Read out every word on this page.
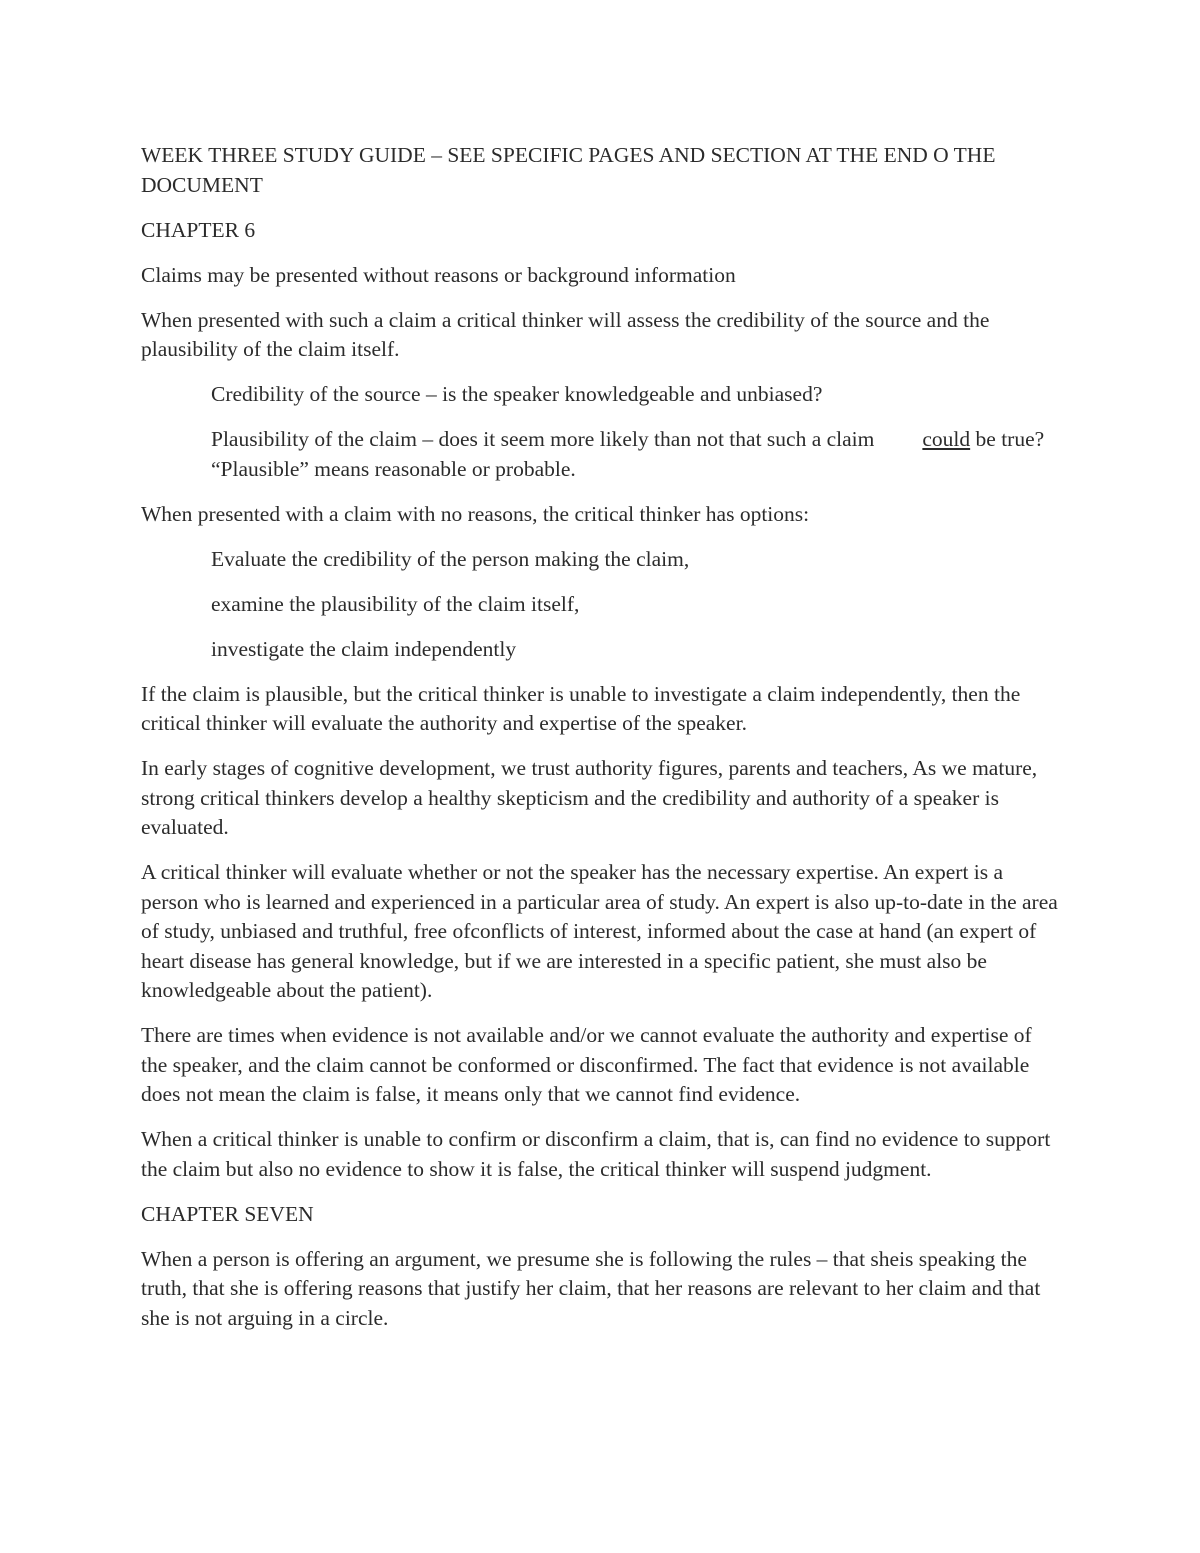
WEEK THREE STUDY GUIDE – SEE SPECIFIC PAGES AND SECTION AT THE END O THE DOCUMENT

CHAPTER 6

Claims may be presented without reasons or background information

When presented with such a claim a critical thinker will assess the credibility of the source and the plausibility of the claim itself.

Credibility of the source – is the speaker knowledgeable and unbiased?

Plausibility of the claim – does it seem more likely than not that such a claim could be true? “Plausible” means reasonable or probable.

When presented with a claim with no reasons, the critical thinker has options:

Evaluate the credibility of the person making the claim,

examine the plausibility of the claim itself,

investigate the claim independently

If the claim is plausible, but the critical thinker is unable to investigate a claim independently, then the critical thinker will evaluate the authority and expertise of the speaker.

In early stages of cognitive development, we trust authority figures, parents and teachers, As we mature, strong critical thinkers develop a healthy skepticism and the credibility and authority of a speaker is evaluated.

A critical thinker will evaluate whether or not the speaker has the necessary expertise. An expert is a person who is learned and experienced in a particular area of study. An expert is also up-to-date in the area of study, unbiased and truthful, free ofconflicts of interest, informed about the case at hand (an expert of heart disease has general knowledge, but if we are interested in a specific patient, she must also be knowledgeable about the patient).

There are times when evidence is not available and/or we cannot evaluate the authority and expertise of the speaker, and the claim cannot be conformed or disconfirmed. The fact that evidence is not available does not mean the claim is false, it means only that we cannot find evidence.

When a critical thinker is unable to confirm or disconfirm a claim, that is, can find no evidence to support the claim but also no evidence to show it is false, the critical thinker will suspend judgment.

CHAPTER SEVEN

When a person is offering an argument, we presume she is following the rules – that sheis speaking the truth, that she is offering reasons that justify her claim, that her reasons are relevant to her claim and that she is not arguing in a circle.
